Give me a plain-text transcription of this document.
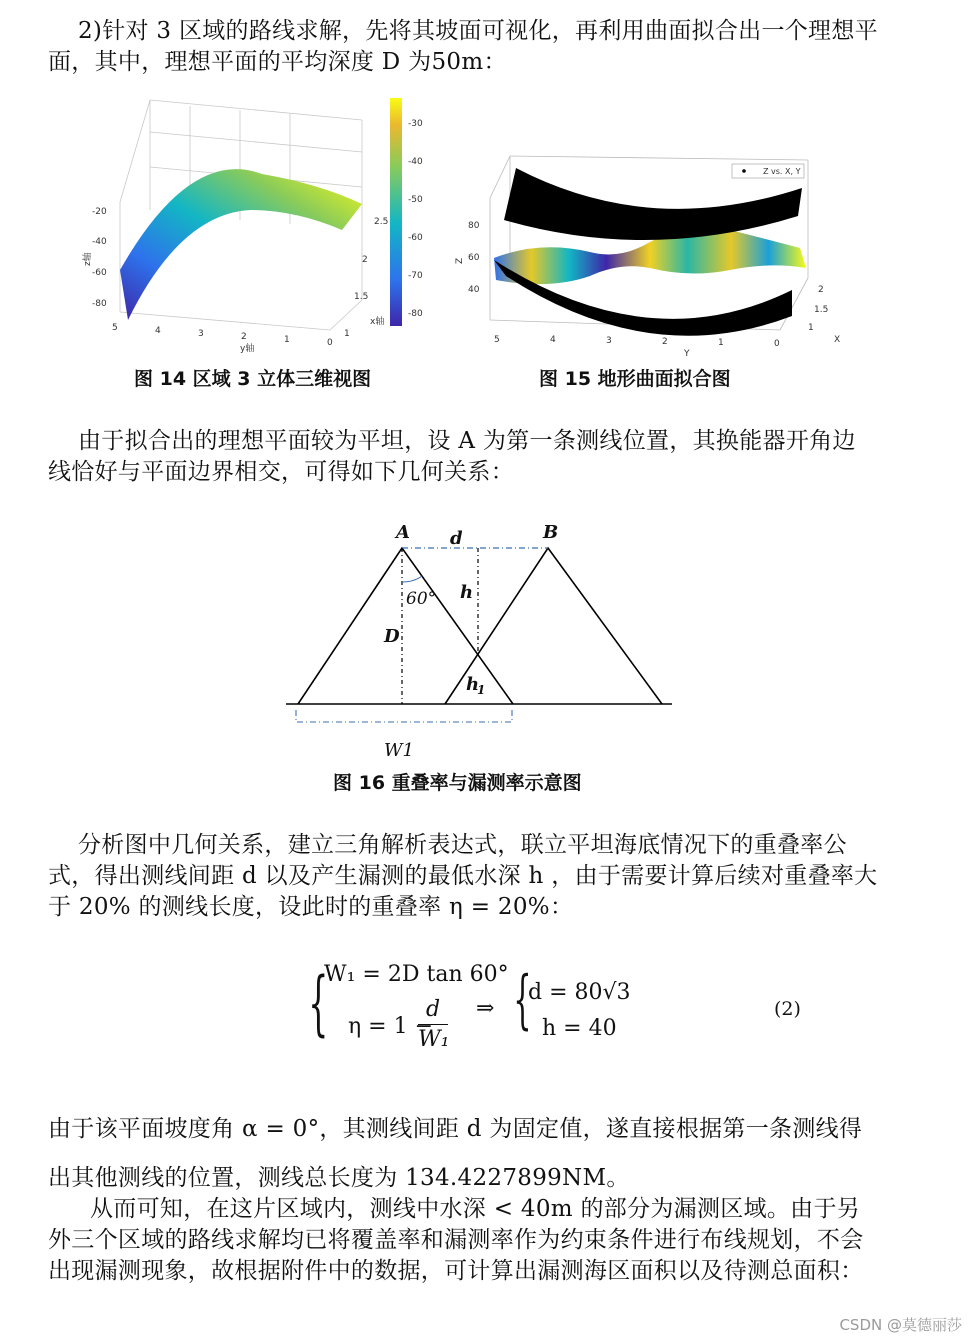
2)针对 3 区域的路线求解，先将其坡面可视化，再利用曲面拟合出一个理想平面，其中，理想平面的平均深度 D 为50m：

-20
-40
-60
-80
z轴
5	4	3	2	1	0
y轴
2.5
2
1.5
1
x轴
-30
-40
-50
-60
-70
-80
图 14 区域 3 立体三维视图
Z vs. X, Y
80
60
40
Z
5	4	3	2	1	0
Y
2
1.5
1
X
图 15 地形曲面拟合图

由于拟合出的理想平面较为平坦，设 A 为第一条测线位置，其换能器开角边线恰好与平面边界相交，可得如下几何关系：

A	B
d
h
h
1
D
60°
W1
图 16 重叠率与漏测率示意图

分析图中几何关系，建立三角解析表达式，联立平坦海底情况下的重叠率公式，得出测线间距 d 以及产生漏测的最低水深 h ，由于需要计算后续对重叠率大于 20% 的测线长度，设此时的重叠率 η = 20%：

{
W₁ = 2D tan 60°
η = 1 −
$\frac{d}{\text{W₁}}$ ⇒ {
d = 80√3
h = 40
(2)

由于该平面坡度角 α = 0°，其测线间距 d 为固定值，遂直接根据第一条测线得

出其他测线的位置，测线总长度为 134.4227899NM。

从而可知，在这片区域内，测线中水深 < 40m 的部分为漏测区域。由于另外三个区域的路线求解均已将覆盖率和漏测率作为约束条件进行布线规划，不会出现漏测现象，故根据附件中的数据，可计算出漏测海区面积以及待测总面积：

CSDN @莫德丽莎
